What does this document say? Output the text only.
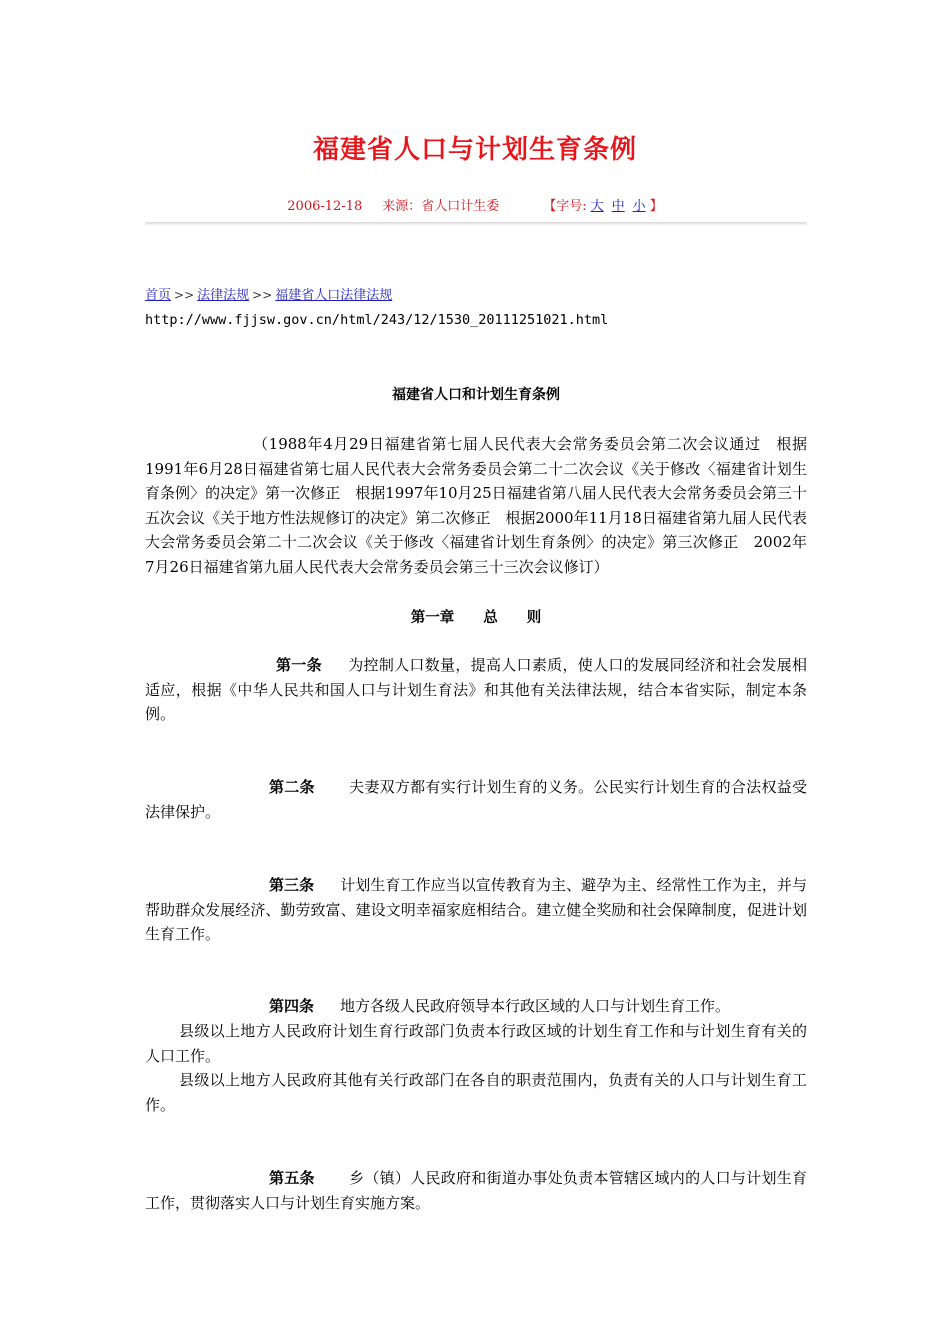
福建省人口与计划生育条例
2006-12-18 来源：省人口计生委	【字号: 大 中 小 】
首页 >> 法律法规 >> 福建省人口法律法规
http://www.fjjsw.gov.cn/html/243/12/1530_20111251021.html
福建省人口和计划生育条例
（1988年4月29日福建省第七届人民代表大会常务委员会第二次会议通过　根据1991年6月28日福建省第七届人民代表大会常务委员会第二十二次会议《关于修改〈福建省计划生育条例〉的决定》第一次修正　根据1997年10月25日福建省第八届人民代表大会常务委员会第三十五次会议《关于地方性法规修订的决定》第二次修正　根据2000年11月18日福建省第九届人民代表大会常务委员会第二十二次会议《关于修改〈福建省计划生育条例〉的决定》第三次修正　2002年7月26日福建省第九届人民代表大会常务委员会第三十三次会议修订）
第一章　　总　　则
第一条 为控制人口数量，提高人口素质，使人口的发展同经济和社会发展相适应，根据《中华人民共和国人口与计划生育法》和其他有关法律法规，结合本省实际，制定本条例。
第二条 夫妻双方都有实行计划生育的义务。公民实行计划生育的合法权益受法律保护。
第三条 计划生育工作应当以宣传教育为主、避孕为主、经常性工作为主，并与帮助群众发展经济、勤劳致富、建设文明幸福家庭相结合。建立健全奖励和社会保障制度，促进计划生育工作。
第四条 地方各级人民政府领导本行政区域的人口与计划生育工作。
县级以上地方人民政府计划生育行政部门负责本行政区域的计划生育工作和与计划生育有关的人口工作。
县级以上地方人民政府其他有关行政部门在各自的职责范围内，负责有关的人口与计划生育工作。
第五条 乡（镇）人民政府和街道办事处负责本管辖区域内的人口与计划生育工作，贯彻落实人口与计划生育实施方案。
